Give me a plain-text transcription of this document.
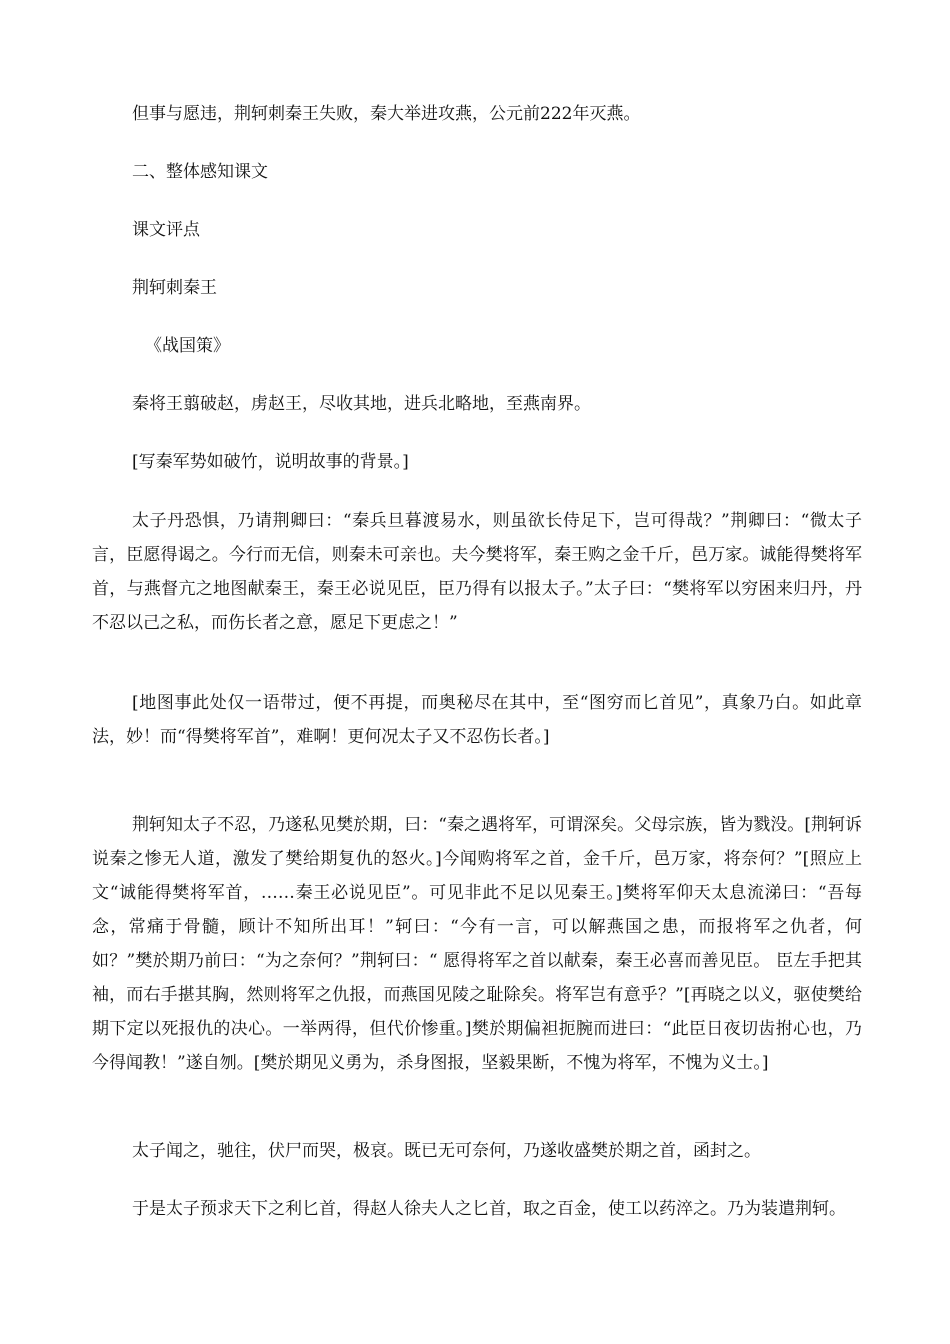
但事与愿违，荆轲刺秦王失败，秦大举进攻燕，公元前222年灭燕。
二、整体感知课文
课文评点
荆轲刺秦王
《战国策》
秦将王翦破赵，虏赵王，尽收其地，进兵北略地，至燕南界。
[写秦军势如破竹，说明故事的背景。]
太子丹恐惧，乃请荆卿曰：“秦兵旦暮渡易水，则虽欲长侍足下，岂可得哉？”荆卿曰：“微太子言，臣愿得谒之。今行而无信，则秦未可亲也。夫今樊将军，秦王购之金千斤，邑万家。诚能得樊将军首，与燕督亢之地图献秦王，秦王必说见臣，臣乃得有以报太子。”太子曰：“樊将军以穷困来归丹，丹不忍以己之私，而伤长者之意，愿足下更虑之！”
[地图事此处仅一语带过，便不再提，而奥秘尽在其中，至“图穷而匕首见”，真象乃白。如此章法，妙！而“得樊将军首”，难啊！更何况太子又不忍伤长者。]
荆轲知太子不忍，乃遂私见樊於期，曰：“秦之遇将军，可谓深矣。父母宗族，皆为戮没。[荆轲诉说秦之惨无人道，激发了樊给期复仇的怒火。]今闻购将军之首，金千斤，邑万家，将奈何？”[照应上文“诚能得樊将军首，……秦王必说见臣”。可见非此不足以见秦王。]樊将军仰天太息流涕曰：“吾每念，常痛于骨髓，顾计不知所出耳！”轲曰：“今有一言，可以解燕国之患，而报将军之仇者，何如？”樊於期乃前曰：“为之奈何？”荆轲曰：“ 愿得将军之首以献秦，秦王必喜而善见臣。 臣左手把其袖，而右手揕其胸，然则将军之仇报，而燕国见陵之耻除矣。将军岂有意乎？”[再晓之以义，驱使樊给期下定以死报仇的决心。一举两得，但代价惨重。]樊於期偏袒扼腕而进曰：“此臣日夜切齿拊心也，乃今得闻教！”遂自刎。[樊於期见义勇为，杀身图报，坚毅果断，不愧为将军，不愧为义士。]
太子闻之，驰往，伏尸而哭，极哀。既已无可奈何，乃遂收盛樊於期之首，函封之。
于是太子预求天下之利匕首，得赵人徐夫人之匕首，取之百金，使工以药淬之。乃为装遣荆轲。
